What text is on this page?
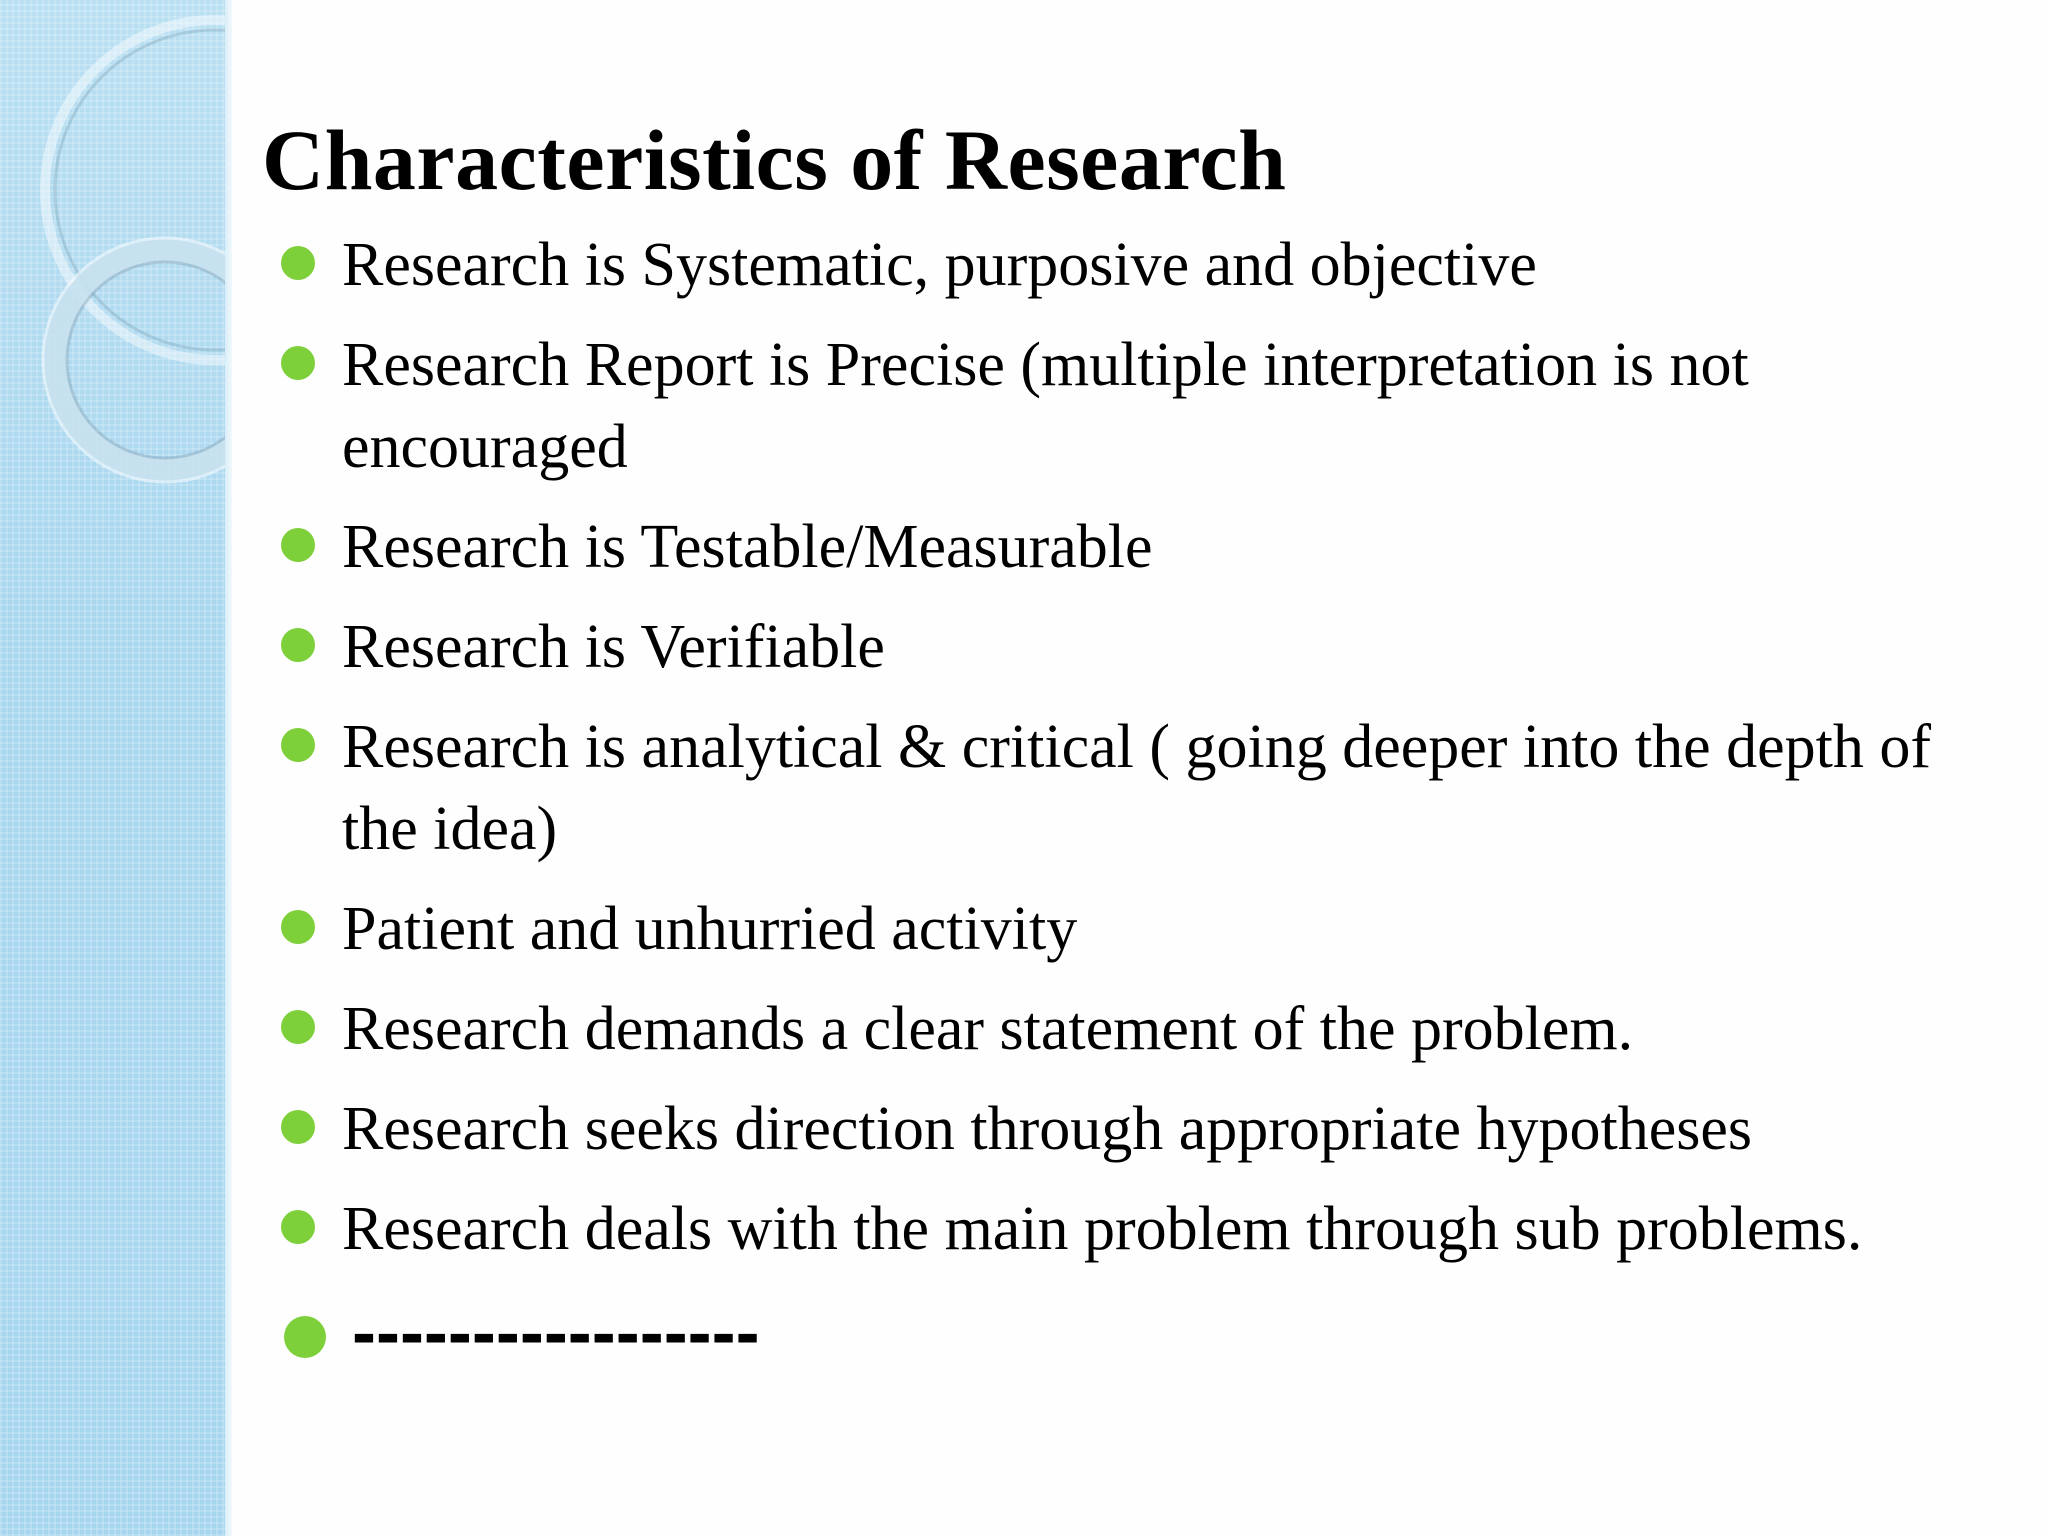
Characteristics of Research
Research is Systematic, purposive and objective
Research Report is Precise (multiple interpretation is not encouraged
Research is Testable/Measurable
Research is Verifiable
Research is analytical & critical ( going deeper into the depth of the idea)
Patient and unhurried activity
Research demands a clear statement of the problem.
Research seeks direction through appropriate hypotheses
Research deals with the main problem through sub problems.
-----------------
